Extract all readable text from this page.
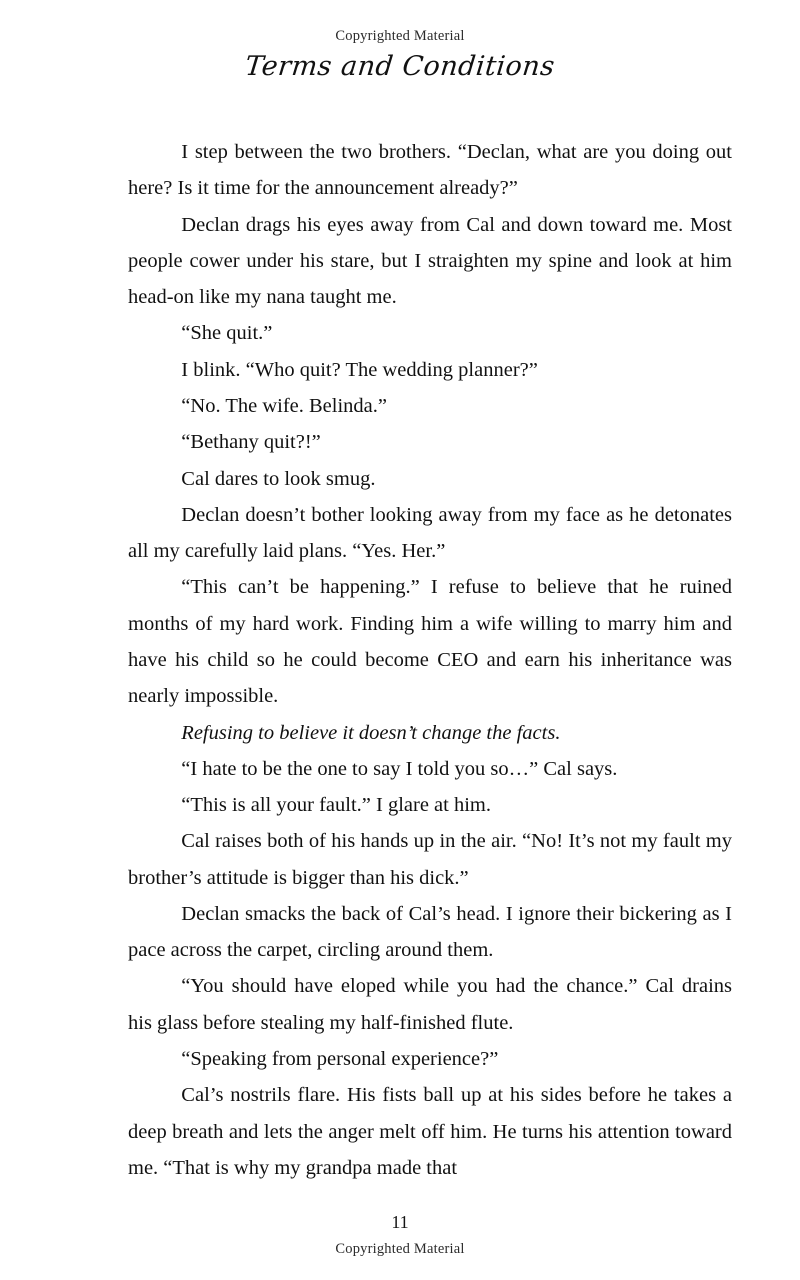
Copyrighted Material
Terms and Conditions

I step between the two brothers. “Declan, what are you doing out here? Is it time for the announcement already?”

Declan drags his eyes away from Cal and down toward me. Most people cower under his stare, but I straighten my spine and look at him head-on like my nana taught me.

“She quit.”

I blink. “Who quit? The wedding planner?”

“No. The wife. Belinda.”

“Bethany quit?!”

Cal dares to look smug.

Declan doesn’t bother looking away from my face as he detonates all my carefully laid plans. “Yes. Her.”

“This can’t be happening.” I refuse to believe that he ruined months of my hard work. Finding him a wife willing to marry him and have his child so he could become CEO and earn his inheritance was nearly impossible.

Refusing to believe it doesn’t change the facts.

“I hate to be the one to say I told you so…” Cal says.

“This is all your fault.” I glare at him.

Cal raises both of his hands up in the air. “No! It’s not my fault my brother’s attitude is bigger than his dick.”

Declan smacks the back of Cal’s head. I ignore their bickering as I pace across the carpet, circling around them.

“You should have eloped while you had the chance.” Cal drains his glass before stealing my half-finished flute.

“Speaking from personal experience?”

Cal’s nostrils flare. His fists ball up at his sides before he takes a deep breath and lets the anger melt off him. He turns his attention toward me. “That is why my grandpa made that

11
Copyrighted Material
